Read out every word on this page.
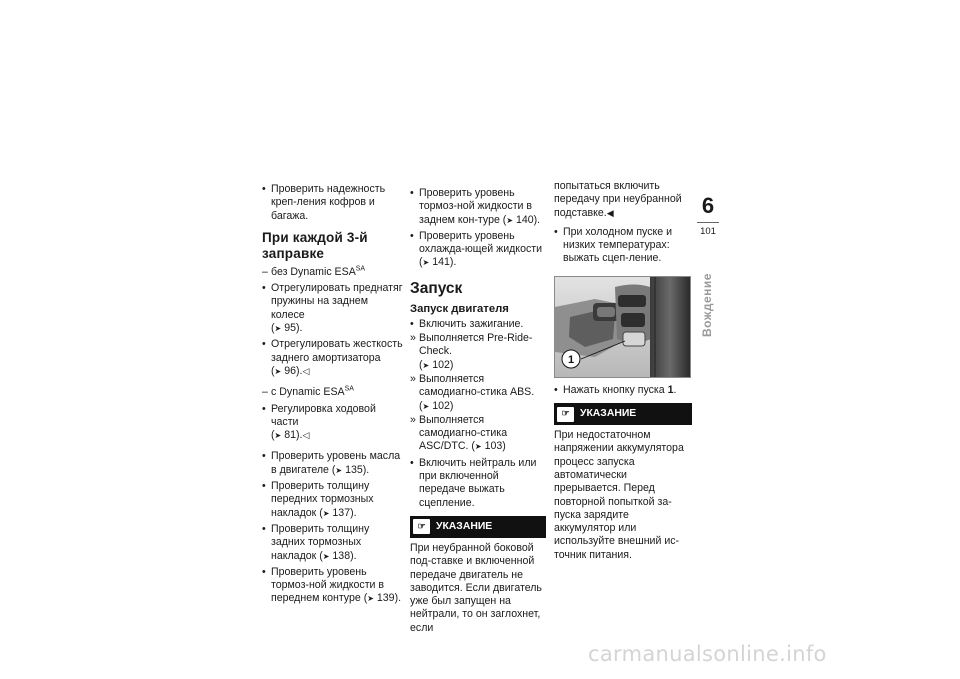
• Проверить надежность креп-ления кофров и багажа.
При каждой 3-й заправке
– без Dynamic $ESA^{SA}$
• Отрегулировать преднатяг пружины на заднем колесе
(➤ 95).
• Отрегулировать жесткость заднего амортизатора
(➤ 96).◁
– с Dynamic $ESA^{SA}$
• Регулировка ходовой части
(➤ 81).◁
• Проверить уровень масла в двигателе (➤ 135).
• Проверить толщину передних тормозных накладок (➤ 137).
• Проверить толщину задних тормозных накладок (➤ 138).
• Проверить уровень тормоз-ной жидкости в переднем контуре (➤ 139).
• Проверить уровень тормоз-ной жидкости в заднем кон-туре (➤ 140).
• Проверить уровень охлажда-ющей жидкости (➤ 141).
Запуск
Запуск двигателя
• Включить зажигание.
» Выполняется Pre-Ride-Check.
(➤ 102)
» Выполняется самодиагно-стика ABS. (➤ 102)
» Выполняется самодиагно-стика ASC/DTC. (➤ 103)
• Включить нейтраль или при включенной передаче выжать сцепление.
☞	УКАЗАНИЕ

При неубранной боковой под-ставке и включенной передаче двигатель не заводится. Если двигатель уже был запущен на нейтрали, то он заглохнет, если

попытаться включить передачу при неубранной подставке.◀

• При холодном пуске и низких температурах: выжать сцеп-ление.
1
• Нажать кнопку пуска 1.
☞	УКАЗАНИЕ

При недостаточном напряжении аккумулятора процесс запуска автоматически прерывается. Перед повторной попыткой за-пуска зарядите аккумулятор или используйте внешний ис-точник питания.

6
101
Вождение
carmanualsonline.info
